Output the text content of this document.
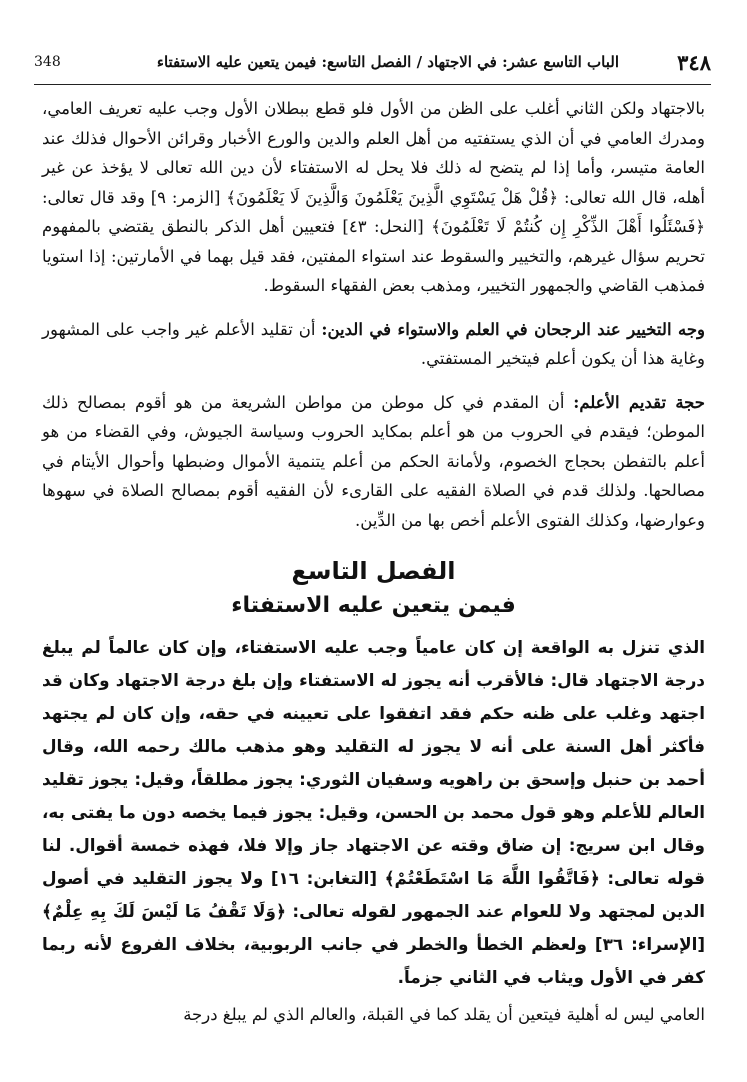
٣٤٨
الباب التاسع عشر: في الاجتهاد / الفصل التاسع: فيمن يتعين عليه الاستفتاء
348

بالاجتهاد ولكن الثاني أغلب على الظن من الأول فلو قطع ببطلان الأول وجب عليه تعريف العامي، ومدرك العامي في أن الذي يستفتيه من أهل العلم والدين والورع الأخبار وقرائن الأحوال فذلك عند العامة متيسر، وأما إذا لم يتضح له ذلك فلا يحل له الاستفتاء لأن دين الله تعالى لا يؤخذ عن غير أهله، قال الله تعالى: ﴿قُلْ هَلْ يَسْتَوِي الَّذِينَ يَعْلَمُونَ وَالَّذِينَ لَا يَعْلَمُونَ﴾ [الزمر: ٩] وقد قال تعالى: ﴿فَسْئَلُوا أَهْلَ الذِّكْرِ إِن كُنتُمْ لَا تَعْلَمُونَ﴾ [النحل: ٤٣] فتعيين أهل الذكر بالنطق يقتضي بالمفهوم تحريم سؤال غيرهم، والتخيير والسقوط عند استواء المفتين، فقد قيل بهما في الأمارتين: إذا استويا فمذهب القاضي والجمهور التخيير، ومذهب بعض الفقهاء السقوط.

وجه التخيير عند الرجحان في العلم والاستواء في الدين: أن تقليد الأعلم غير واجب على المشهور وغاية هذا أن يكون أعلم فيتخير المستفتي.

حجة تقديم الأعلم: أن المقدم في كل موطن من مواطن الشريعة من هو أقوم بمصالح ذلك الموطن؛ فيقدم في الحروب من هو أعلم بمكايد الحروب وسياسة الجيوش، وفي القضاء من هو أعلم بالتفطن بحجاج الخصوم، ولأمانة الحكم من أعلم يتنمية الأموال وضبطها وأحوال الأيتام في مصالحها. ولذلك قدم في الصلاة الفقيه على القارىء لأن الفقيه أقوم بمصالح الصلاة في سهوها وعوارضها، وكذلك الفتوى الأعلم أخص بها من الدِّين.

الفصل التاسع
فيمن يتعين عليه الاستفتاء

الذي تنزل به الواقعة إن كان عامياً وجب عليه الاستفتاء، وإن كان عالماً لم يبلغ درجة الاجتهاد قال: فالأقرب أنه يجوز له الاستفتاء وإن بلغ درجة الاجتهاد وكان قد اجتهد وغلب على ظنه حكم فقد اتفقوا على تعيينه في حقه، وإن كان لم يجتهد فأكثر أهل السنة على أنه لا يجوز له التقليد وهو مذهب مالك رحمه الله، وقال أحمد بن حنبل وإسحق بن راهويه وسفيان الثوري: يجوز مطلقاً، وقيل: يجوز تقليد العالم للأعلم وهو قول محمد بن الحسن، وقيل: يجوز فيما يخصه دون ما يفتى به، وقال ابن سريج: إن ضاق وقته عن الاجتهاد جاز وإلا فلا، فهذه خمسة أقوال. لنا قوله تعالى: ﴿فَاتَّقُوا اللَّهَ مَا اسْتَطَعْتُمْ﴾ [التغابن: ١٦] ولا يجوز التقليد في أصول الدين لمجتهد ولا للعوام عند الجمهور لقوله تعالى: ﴿وَلَا تَقْفُ مَا لَيْسَ لَكَ بِهِ عِلْمٌ﴾ [الإسراء: ٣٦] ولعظم الخطأ والخطر في جانب الربوبية، بخلاف الفروع لأنه ربما كفر في الأول ويثاب في الثاني جزماً.

العامي ليس له أهلية فيتعين أن يقلد كما في القبلة، والعالم الذي لم يبلغ درجة
